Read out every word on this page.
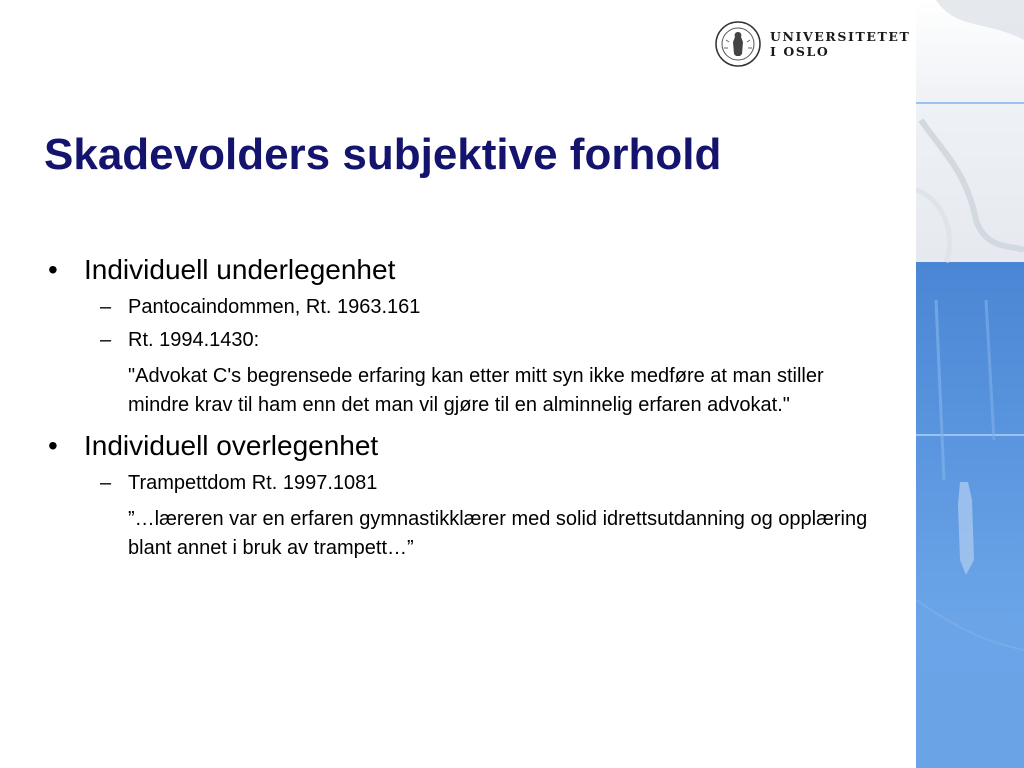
UNIVERSITETET
I OSLO
Skadevolders subjektive forhold
• Individuell underlegenhet
– Pantocaindommen, Rt. 1963.161
– Rt. 1994.1430:
"Advokat C's begrensede erfaring kan etter mitt syn ikke medføre at man stiller mindre krav til ham enn det man vil gjøre til en alminnelig erfaren advokat."
• Individuell overlegenhet
– Trampettdom Rt. 1997.1081
”…læreren var en erfaren gymnastikklærer med solid idrettsutdanning og opplæring blant annet i bruk av trampett…”
